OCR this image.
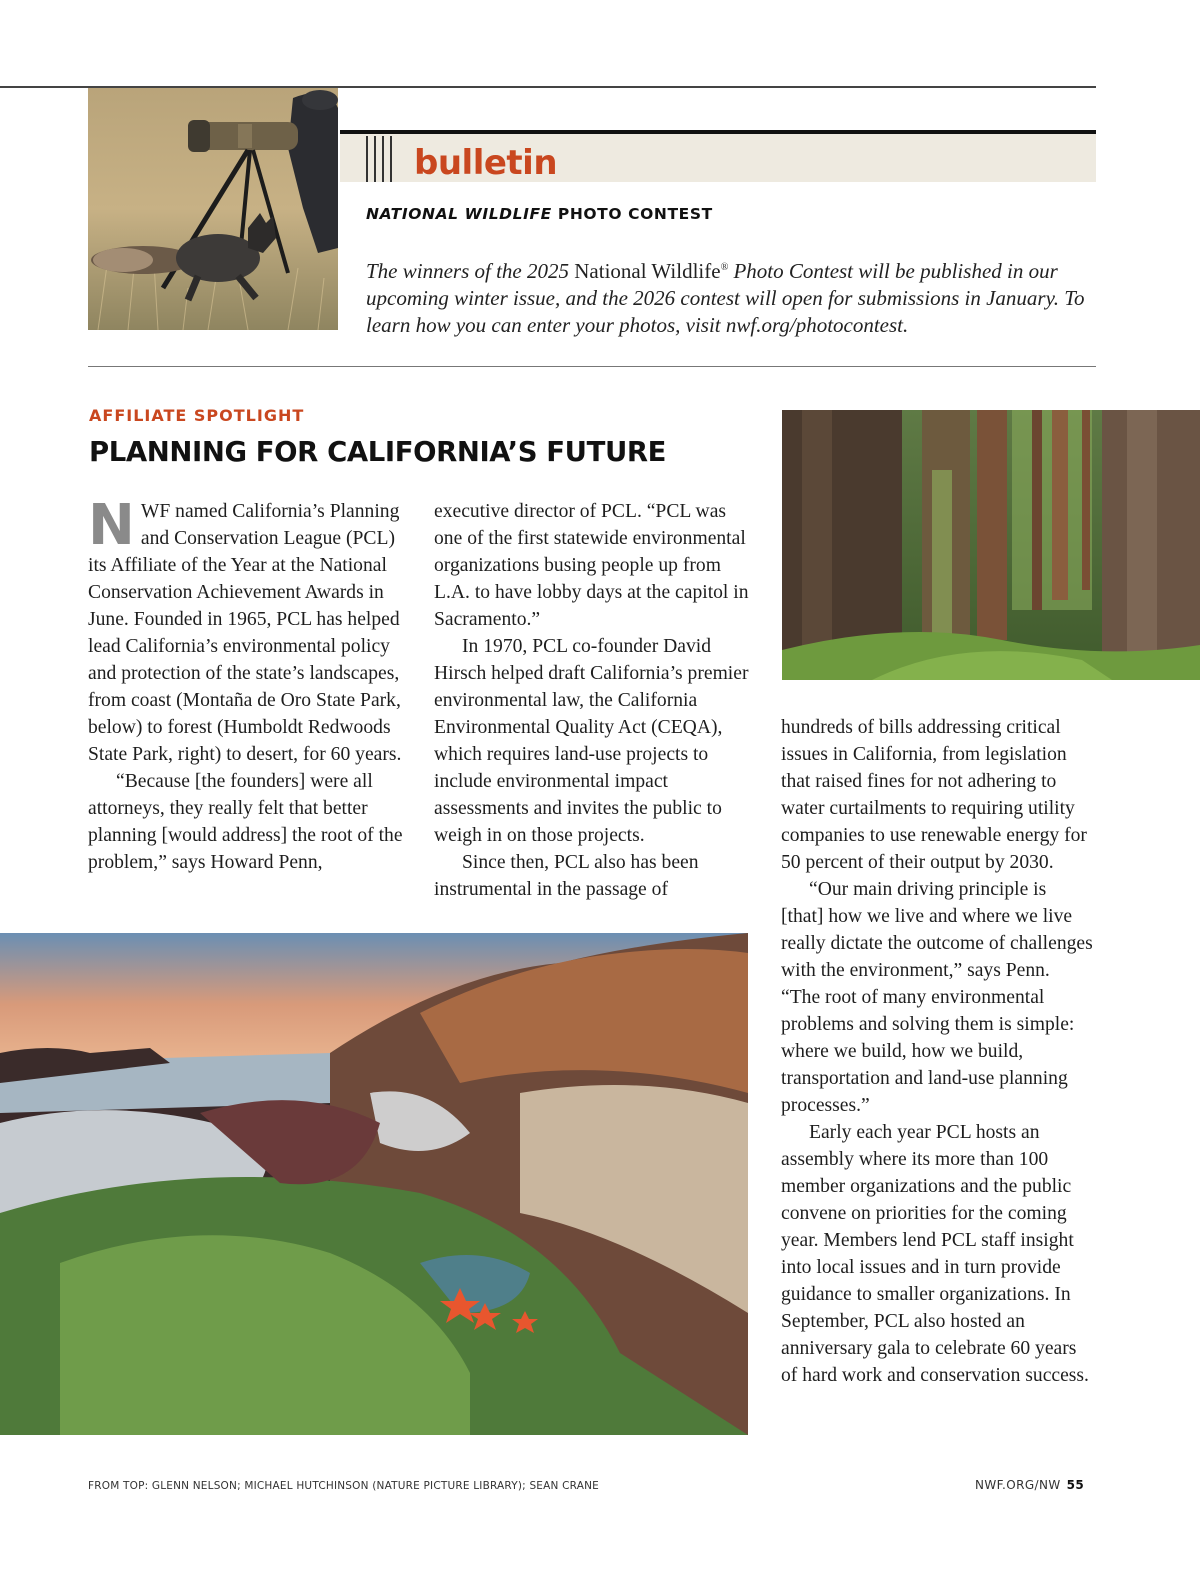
bulletin
NATIONAL WILDLIFE PHOTO CONTEST
The winners of the 2025 National Wildlife® Photo Contest will be published in our upcoming winter issue, and the 2026 contest will open for submissions in January. To learn how you can enter your photos, visit nwf.org/photocontest.
AFFILIATE SPOTLIGHT
PLANNING FOR CALIFORNIA’S FUTURE

NWF named California’s Planning and Conservation League (PCL) its Affiliate of the Year at the National Conservation Achievement Awards in June. Founded in 1965, PCL has helped lead California’s environmental policy and protection of the state’s landscapes, from coast (Montaña de Oro State Park, below) to forest (Humboldt Redwoods State Park, right) to desert, for 60 years.

“Because [the founders] were all attorneys, they really felt that better planning [would address] the root of the problem,” says Howard Penn,

executive director of PCL. “PCL was one of the first statewide environmental organizations busing people up from L.A. to have lobby days at the capitol in Sacramento.”

In 1970, PCL co-founder David Hirsch helped draft California’s premier environmental law, the California Environmental Quality Act (CEQA), which requires land-use projects to include environmental impact assessments and invites the public to weigh in on those projects.

Since then, PCL also has been instrumental in the passage of

hundreds of bills addressing critical issues in California, from legislation that raised fines for not adhering to water curtailments to requiring utility companies to use renewable energy for 50 percent of their output by 2030.

“Our main driving principle is [that] how we live and where we live really dictate the outcome of challenges with the environment,” says Penn. “The root of many environmental problems and solving them is simple: where we build, how we build, transportation and land-use planning processes.”

Early each year PCL hosts an assembly where its more than 100 member organizations and the public convene on priorities for the coming year. Members lend PCL staff insight into local issues and in turn provide guidance to smaller organizations. In September, PCL also hosted an anniversary gala to celebrate 60 years of hard work and conservation success.

FROM TOP: GLENN NELSON; MICHAEL HUTCHINSON (NATURE PICTURE LIBRARY); SEAN CRANE	NWF.ORG/NW 55
